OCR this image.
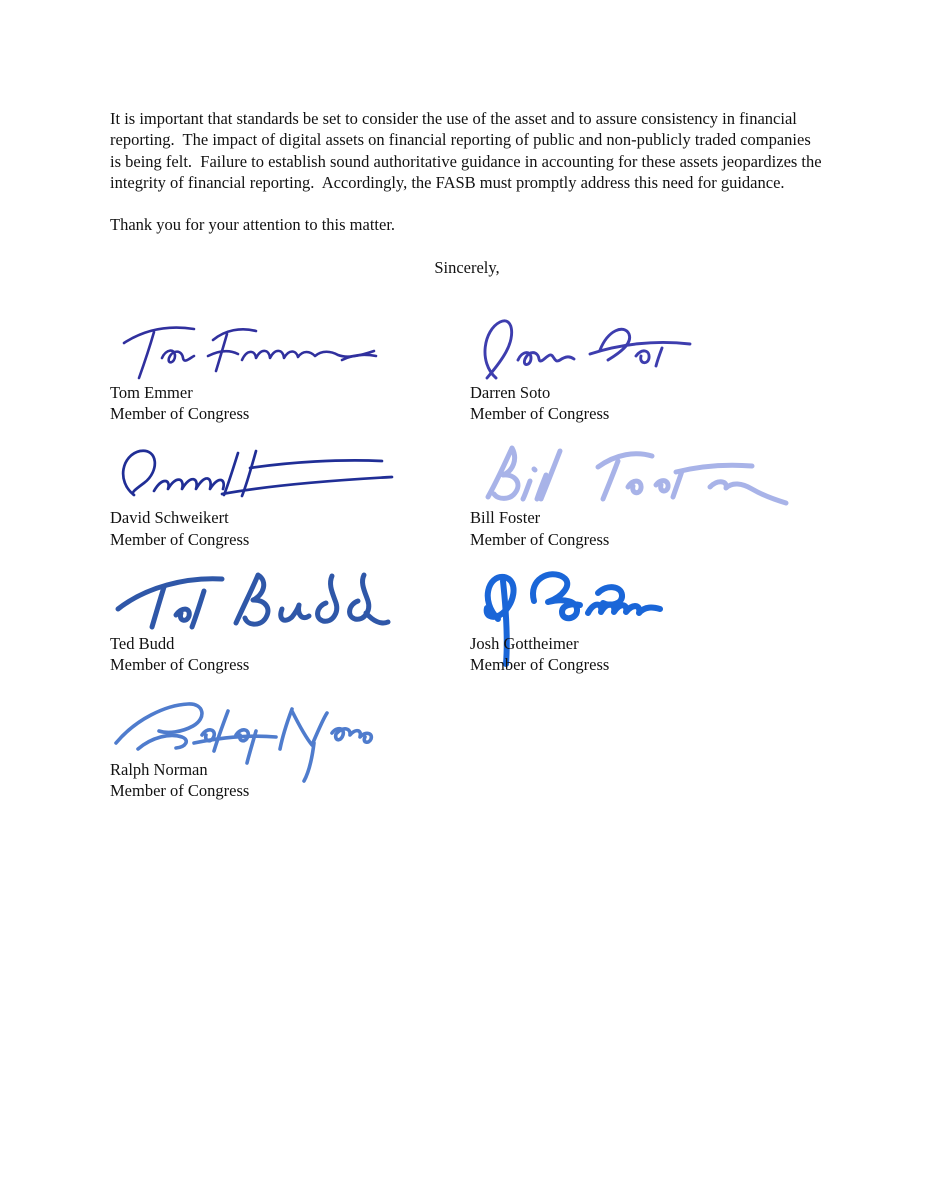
It is important that standards be set to consider the use of the asset and to assure consistency in financial reporting.  The impact of digital assets on financial reporting of public and non-publicly traded companies is being felt.  Failure to establish sound authoritative guidance in accounting for these assets jeopardizes the integrity of financial reporting.  Accordingly, the FASB must promptly address this need for guidance.

Thank you for your attention to this matter.

Sincerely,

Tom Emmer
Member of Congress
Darren Soto
Member of Congress
David Schweikert
Member of Congress
Bill Foster
Member of Congress
Ted Budd
Member of Congress
Josh Gottheimer
Member of Congress
Ralph Norman
Member of Congress
